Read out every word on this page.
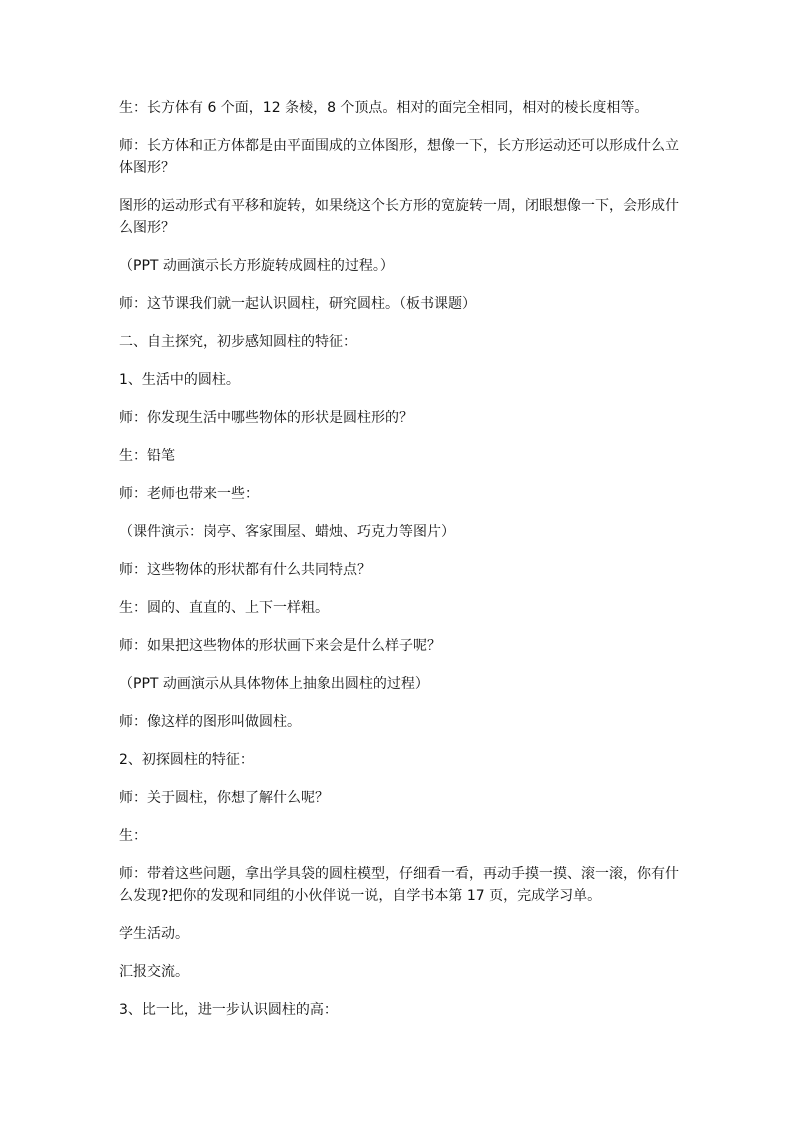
生：长方体有 6 个面，12 条棱，8 个顶点。相对的面完全相同，相对的棱长度相等。

师：长方体和正方体都是由平面围成的立体图形，想像一下，长方形运动还可以形成什么立体图形？

图形的运动形式有平移和旋转，如果绕这个长方形的宽旋转一周，闭眼想像一下，会形成什么图形？

（PPT 动画演示长方形旋转成圆柱的过程。）

师：这节课我们就一起认识圆柱，研究圆柱。（板书课题）

二、自主探究，初步感知圆柱的特征：

1、生活中的圆柱。

师：你发现生活中哪些物体的形状是圆柱形的？

生：铅笔

师：老师也带来一些：

（课件演示：岗亭、客家围屋、蜡烛、巧克力等图片）

师：这些物体的形状都有什么共同特点？

生：圆的、直直的、上下一样粗。

师：如果把这些物体的形状画下来会是什么样子呢？

（PPT 动画演示从具体物体上抽象出圆柱的过程）

师：像这样的图形叫做圆柱。

2、初探圆柱的特征：

师：关于圆柱，你想了解什么呢？

生：

师：带着这些问题，拿出学具袋的圆柱模型，仔细看一看，再动手摸一摸、滚一滚，你有什么发现?把你的发现和同组的小伙伴说一说，自学书本第 17 页，完成学习单。

学生活动。

汇报交流。

3、比一比，进一步认识圆柱的高：
